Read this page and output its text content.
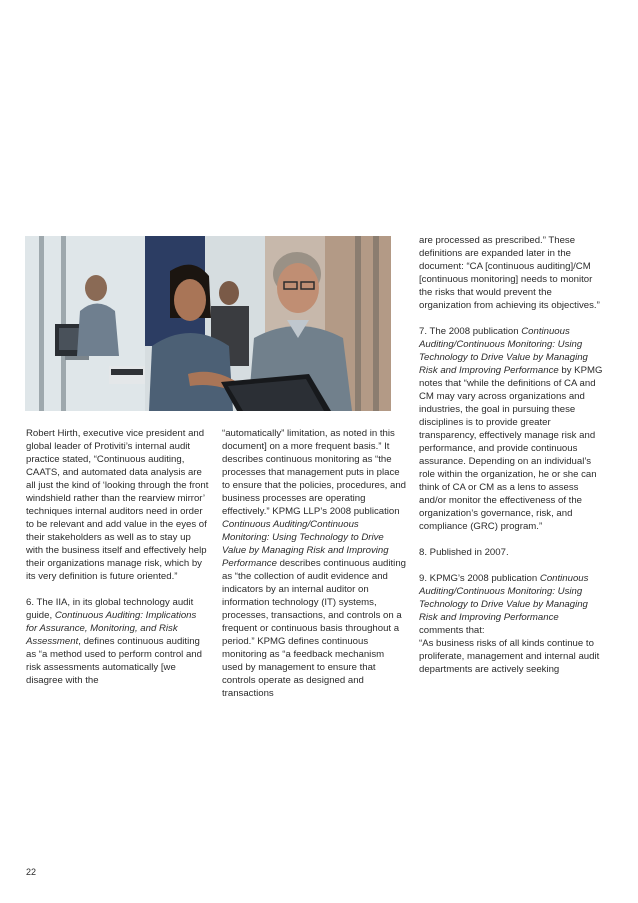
Robert Hirth, executive vice president and global leader of Protiviti’s internal audit practice stated, “Continuous auditing, CAATS, and automated data analysis are all just the kind of ‘looking through the front windshield rather than the rearview mirror’ techniques internal auditors need in order to be relevant and add value in the eyes of their stakeholders as well as to stay up with the business itself and effectively help their organizations manage risk, which by its very definition is future oriented.”

6. The IIA, in its global technology audit guide, Continuous Auditing: Implications for Assurance, Monitoring, and Risk Assessment, defines continuous auditing as “a method used to perform control and risk assessments automatically [we disagree with the

“automatically” limitation, as noted in this document] on a more frequent basis.” It describes continuous monitoring as “the processes that management puts in place to ensure that the policies, procedures, and business processes are operating effectively.” KPMG LLP’s 2008 publication Continuous Auditing/Continuous Monitoring: Using Technology to Drive Value by Managing Risk and Improving Performance describes continuous auditing as “the collection of audit evidence and indicators by an internal auditor on information technology (IT) systems, processes, transactions, and controls on a frequent or continuous basis throughout a period.” KPMG defines continuous monitoring as “a feedback mechanism used by management to ensure that controls operate as designed and transactions

are processed as prescribed.” These definitions are expanded later in the document: “CA [continuous auditing]/CM [continuous monitoring] needs to monitor the risks that would prevent the organization from achieving its objectives.”

7. The 2008 publication Continuous Auditing/Continuous Monitoring: Using Technology to Drive Value by Managing Risk and Improving Performance by KPMG notes that “while the definitions of CA and CM may vary across organizations and industries, the goal in pursuing these disciplines is to provide greater transparency, effectively manage risk and performance, and provide continuous assurance. Depending on an individual’s role within the organization, he or she can think of CA or CM as a lens to assess and/or monitor the effectiveness of the organization’s governance, risk, and compliance (GRC) program.”

8. Published in 2007.

9. KPMG’s 2008 publication Continuous Auditing/Continuous Monitoring: Using Technology to Drive Value by Managing Risk and Improving Performance comments that:
“As business risks of all kinds continue to proliferate, management and internal audit departments are actively seeking

22
